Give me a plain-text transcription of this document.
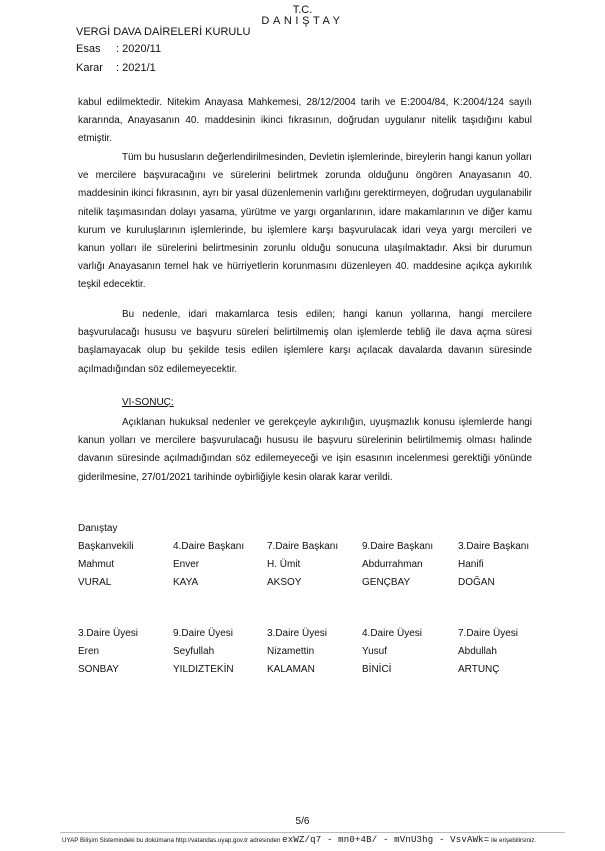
T.C.
DANIŞTAY
VERGİ DAVA DAİRELERİ KURULU
Esas : 2020/11
Karar : 2021/1

kabul edilmektedir. Nitekim Anayasa Mahkemesi, 28/12/2004 tarih ve E:2004/84, K:2004/124 sayılı kararında, Anayasanın 40. maddesinin ikinci fıkrasının, doğrudan uygulanır nitelik taşıdığını kabul etmiştir.

Tüm bu hususların değerlendirilmesinden, Devletin işlemlerinde, bireylerin hangi kanun yolları ve mercilere başvuracağını ve sürelerini belirtmek zorunda olduğunu öngören Anayasanın 40. maddesinin ikinci fıkrasının, ayrı bir yasal düzenlemenin varlığını gerektirmeyen, doğrudan uygulanabilir nitelik taşımasından dolayı yasama, yürütme ve yargı organlarının, idare makamlarının ve diğer kamu kurum ve kuruluşlarının işlemlerinde, bu işlemlere karşı başvurulacak idari veya yargı mercileri ve kanun yolları ile sürelerini belirtmesinin zorunlu olduğu sonucuna ulaşılmaktadır. Aksi bir durumun varlığı Anayasanın temel hak ve hürriyetlerin korunmasını düzenleyen 40. maddesine açıkça aykırılık teşkil edecektir.

Bu nedenle, idari makamlarca tesis edilen; hangi kanun yollarına, hangi mercilere başvurulacağı hususu ve başvuru süreleri belirtilmemiş olan işlemlerde tebliğ ile dava açma süresi başlamayacak olup bu şekilde tesis edilen işlemlere karşı açılacak davalarda davanın süresinde açılmadığından söz edilemeyecektir.

VI-SONUÇ:

Açıklanan hukuksal nedenler ve gerekçeyle aykırılığın, uyuşmazlık konusu işlemlerde hangi kanun yolları ve mercilere başvurulacağı hususu ile başvuru sürelerinin belirtilmemiş olması halinde davanın süresinde açılmadığından söz edilemeyeceği ve işin esasının incelenmesi gerektiği yönünde giderilmesine, 27/01/2021 tarihinde oybirliğiyle kesin olarak karar verildi.

Danıştay
Başkanvekili	4.Daire Başkanı	7.Daire Başkanı	9.Daire Başkanı	3.Daire Başkanı
Mahmut	Enver	H. Ümit	Abdurrahman	Hanifi
VURAL	KAYA	AKSOY	GENÇBAY	DOĞAN
3.Daire Üyesi	9.Daire Üyesi	3.Daire Üyesi	4.Daire Üyesi	7.Daire Üyesi
Eren	Seyfullah	Nizamettin	Yusuf	Abdullah
SONBAY	YILDIZTEKİN	KALAMAN	BİNİCİ	ARTUNÇ
5/6
UYAP Bilişim Sistemindeki bu dokümana http://vatandas.uyap.gov.tr adresinden exWZ/q7 - mn0+4B/ - mVnU3hg - VsvAWk= ile erişebilirsiniz.
